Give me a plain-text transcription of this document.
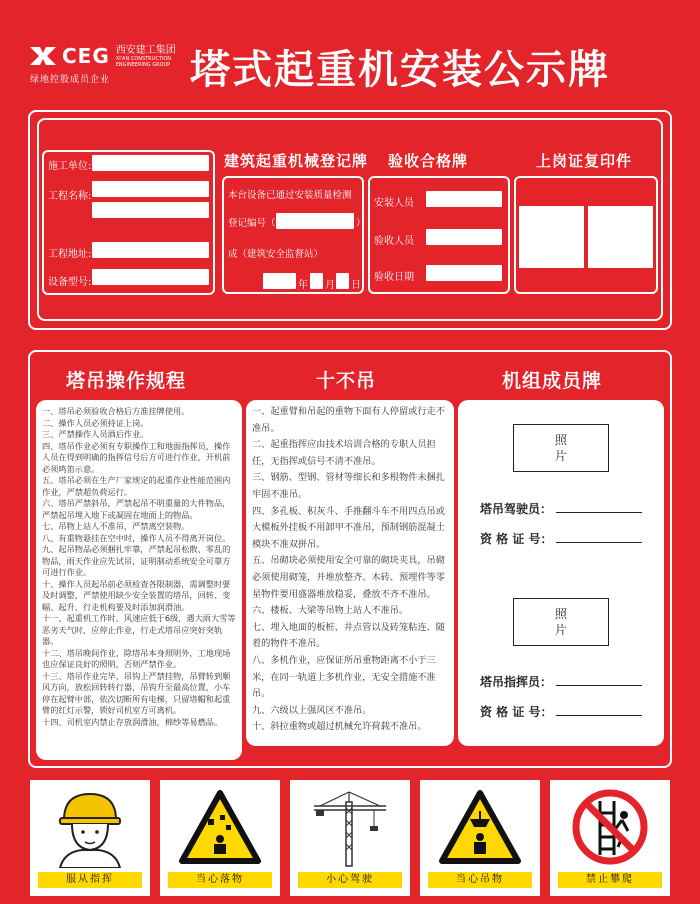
CEG 西安建工集团
XI'AN CONSTRUCTION
ENGINEERING GROUP
绿地控股成员企业	塔式起重机安装公示牌
施工单位:
工程名称:
工程地址:
设备型号:
建筑起重机械登记牌
本台设备已通过安装质量检测
登记编号（	）
成（建筑安全监督站）
年 月 日
验收合格牌
安装人员
验收人员
验收日期
上岗证复印件
塔吊操作规程	十不吊	机组成员牌

一、塔吊必须验收合格后方准挂牌使用。

二、操作人员必须持证上岗。

三、严禁操作人员酒后作业。

四、塔吊作业必须有专职操作工和地面指挥员，操作人员在得到明确的指挥信号后方可进行作业，开机前必须鸣笛示意。

五、塔吊必须在生产厂家规定的起重作业性能范围内作业，严禁超负荷运行。

六、塔吊严禁斜吊，严禁起吊不明重量的大件物品，严禁起吊埋入地下或凝固在地面上的物品。

七、吊物上站人不准吊，严禁离空装物。

八、有重物悬挂在空中时，操作人员不得离开岗位。

九、起吊物品必须捆扎牢靠，严禁起吊松散、零乱的物品，雨天作业应先试吊，证明制动系统安全可靠方可进行作业。

十、操作人员起吊前必须检查各限制器，需调整时要及时调整，严禁使用缺少安全装置的塔吊，回转、变幅、起升、行走机构要及时添加润滑油。

十一、起重机工作时，风速应低于6级，遇大雨大雪等恶劣天气时，应停止作业，行走式塔吊应突好突轨器。

十二、塔吊晚间作业，除塔吊本身照明外，工地现场也应保证良好的照明，否则严禁作业。

十三、塔吊作业完毕，吊钩上严禁挂物，吊臂转到顺风方向，放松回转转行器，吊钩升至最高位置，小车停在起臂中部，依次切断所有电梯，只留塔帽和起重臂的红灯示警，锁好司机室方可离机。

十四、司机室内禁止存放润滑油，棉纱等易燃品。

一、起重臂和吊起的重物下面有人停留或行走不准吊。

二、起重指挥应由技术培训合格的专职人员担任，无指挥或信号不清不准吊。

三、钢筋、型钢、管材等细长和多根物件未捆扎牢固不准吊。

四、多孔板、积灰斗、手推翻斗车不用四点吊或大模板外挂板不用卸甲不准吊，预制钢筋混凝土模块不准双拼吊。

五、吊砌块必须使用安全可靠的砌块夹具，吊砌必须使用砌笼，并堆放整齐。木砖、预埋件等零星物件要用盛器堆放稳妥，叠放不齐不准吊。

六、楼板、大梁等吊物上站人不准吊。

七、埋入地面的板桩、井点管以及砖笼粘连、随着的物件不准吊。

八、多机作业，应保证所吊重物距离不小于三米，在同一轨道上多机作业，无安全措施不准吊。

九、六级以上强风区不准吊。

十、斜拉重物或超过机械允许荷载不准吊。

照
片
塔吊驾驶员：
资 格 证 号：
照
片
塔吊指挥员：
资 格 证 号：
服从指挥	当心落物	小心驾驶	当心吊物	禁止攀爬
